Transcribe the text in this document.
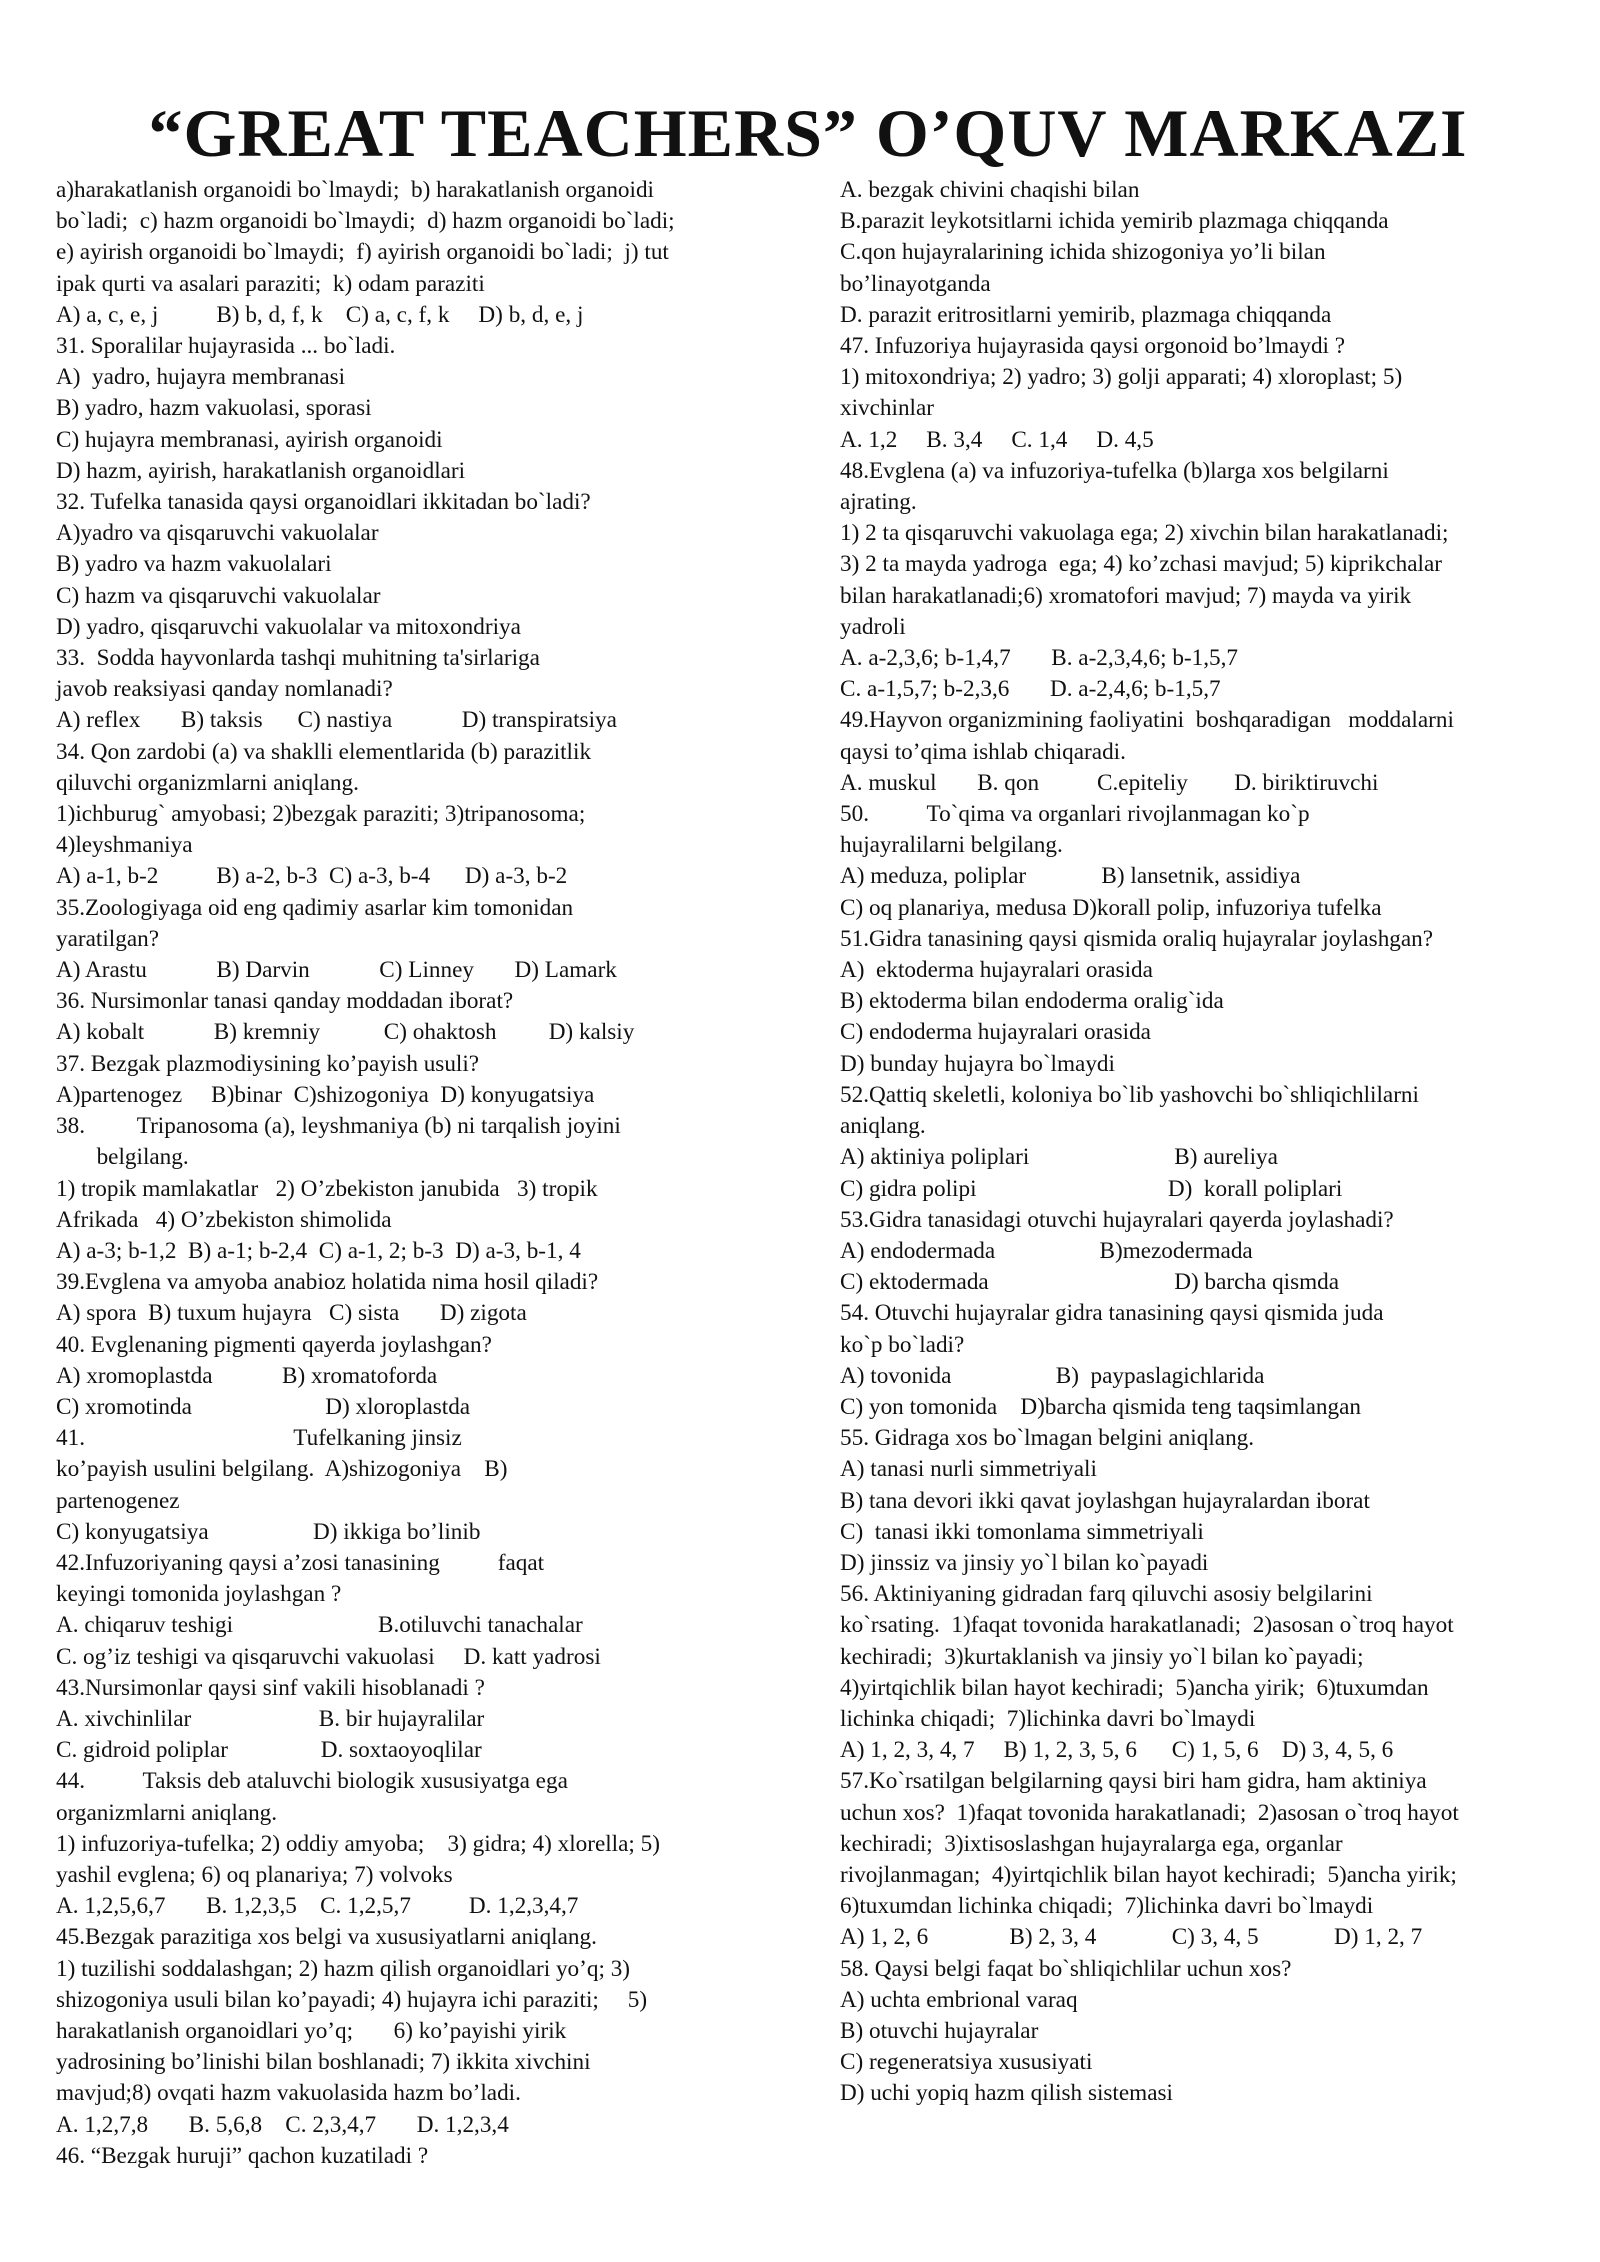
“GREAT TEACHERS” O’QUV MARKAZI
a)harakatlanish organoidi bo`lmaydi;  b) harakatlanish organoidi
bo`ladi;  c) hazm organoidi bo`lmaydi;  d) hazm organoidi bo`ladi;
e) ayirish organoidi bo`lmaydi;  f) ayirish organoidi bo`ladi;  j) tut
ipak qurti va asalari paraziti;  k) odam paraziti
A) a, c, e, j          B) b, d, f, k    C) a, c, f, k     D) b, d, e, j
31. Sporalilar hujayrasida ... bo`ladi.
A)  yadro, hujayra membranasi
B) yadro, hazm vakuolasi, sporasi
C) hujayra membranasi, ayirish organoidi
D) hazm, ayirish, harakatlanish organoidlari
32. Tufelka tanasida qaysi organoidlari ikkitadan bo`ladi?
A)yadro va qisqaruvchi vakuolalar
B) yadro va hazm vakuolalari
C) hazm va qisqaruvchi vakuolalar
D) yadro, qisqaruvchi vakuolalar va mitoxondriya
33.  Sodda hayvonlarda tashqi muhitning ta'sirlariga
javob reaksiyasi qanday nomlanadi?
A) reflex       B) taksis      C) nastiya            D) transpiratsiya
34. Qon zardobi (a) va shaklli elementlarida (b) parazitlik
qiluvchi organizmlarni aniqlang.
1)ichburug` amyobasi; 2)bezgak paraziti; 3)tripanosoma;
4)leyshmaniya
A) a-1, b-2          B) a-2, b-3  C) a-3, b-4      D) a-3, b-2
35.Zoologiyaga oid eng qadimiy asarlar kim tomonidan
yaratilgan?
A) Arastu            B) Darvin            C) Linney       D) Lamark
36. Nursimonlar tanasi qanday moddadan iborat?
A) kobalt            B) kremniy           C) ohaktosh         D) kalsiy
37. Bezgak plazmodiysining ko’payish usuli?
A)partenogez     B)binar  C)shizogoniya  D) konyugatsiya
38.         Tripanosoma (a), leyshmaniya (b) ni tarqalish joyini
belgilang.
1) tropik mamlakatlar   2) O’zbekiston janubida   3) tropik
Afrikada   4) O’zbekiston shimolida
A) a-3; b-1,2  B) a-1; b-2,4  C) a-1, 2; b-3  D) a-3, b-1, 4
39.Evglena va amyoba anabioz holatida nima hosil qiladi?
A) spora  B) tuxum hujayra   C) sista       D) zigota
40. Evglenaning pigmenti qayerda joylashgan?
A) xromoplastda            B) xromatoforda
C) xromotinda                       D) xloroplastda
41.                                    Tufelkaning jinsiz
ko’payish usulini belgilang.  A)shizogoniya    B)
partenogenez
C) konyugatsiya                  D) ikkiga bo’linib
42.Infuzoriyaning qaysi a’zosi tanasining          faqat
keyingi tomonida joylashgan ?
A. chiqaruv teshigi                         B.otiluvchi tanachalar
C. og’iz teshigi va qisqaruvchi vakuolasi     D. katt yadrosi
43.Nursimonlar qaysi sinf vakili hisoblanadi ?
A. xivchinlilar                      B. bir hujayralilar
C. gidroid poliplar                D. soxtaoyoqlilar
44.          Taksis deb ataluvchi biologik xususiyatga ega
organizmlarni aniqlang.
1) infuzoriya-tufelka; 2) oddiy amyoba;    3) gidra; 4) xlorella; 5)
yashil evglena; 6) oq planariya; 7) volvoks
A. 1,2,5,6,7       B. 1,2,3,5    C. 1,2,5,7          D. 1,2,3,4,7
45.Bezgak parazitiga xos belgi va xususiyatlarni aniqlang.
1) tuzilishi soddalashgan; 2) hazm qilish organoidlari yo’q; 3)
shizogoniya usuli bilan ko’payadi; 4) hujayra ichi paraziti;     5)
harakatlanish organoidlari yo’q;       6) ko’payishi yirik
yadrosining bo’linishi bilan boshlanadi; 7) ikkita xivchini
mavjud;8) ovqati hazm vakuolasida hazm bo’ladi.
A. 1,2,7,8       B. 5,6,8    C. 2,3,4,7       D. 1,2,3,4
46. “Bezgak huruji” qachon kuzatiladi ?
A. bezgak chivini chaqishi bilan
B.parazit leykotsitlarni ichida yemirib plazmaga chiqqanda
C.qon hujayralarining ichida shizogoniya yo’li bilan
bo’linayotganda
D. parazit eritrositlarni yemirib, plazmaga chiqqanda
47. Infuzoriya hujayrasida qaysi orgonoid bo’lmaydi ?
1) mitoxondriya; 2) yadro; 3) golji apparati; 4) xloroplast; 5)
xivchinlar
A. 1,2     B. 3,4     C. 1,4     D. 4,5
48.Evglena (a) va infuzoriya-tufelka (b)larga xos belgilarni
ajrating.
1) 2 ta qisqaruvchi vakuolaga ega; 2) xivchin bilan harakatlanadi;
3) 2 ta mayda yadroga  ega; 4) ko’zchasi mavjud; 5) kiprikchalar
bilan harakatlanadi;6) xromatofori mavjud; 7) mayda va yirik
yadroli
A. a-2,3,6; b-1,4,7       B. a-2,3,4,6; b-1,5,7
C. a-1,5,7; b-2,3,6       D. a-2,4,6; b-1,5,7
49.Hayvon organizmining faoliyatini  boshqaradigan   moddalarni
qaysi to’qima ishlab chiqaradi.
A. muskul       B. qon          C.epiteliy        D. biriktiruvchi
50.          To`qima va organlari rivojlanmagan ko`p
hujayralilarni belgilang.
A) meduza, poliplar             B) lansetnik, assidiya
C) oq planariya, medusa D)korall polip, infuzoriya tufelka
51.Gidra tanasining qaysi qismida oraliq hujayralar joylashgan?
A)  ektoderma hujayralari orasida
B) ektoderma bilan endoderma oralig`ida
C) endoderma hujayralari orasida
D) bunday hujayra bo`lmaydi
52.Qattiq skeletli, koloniya bo`lib yashovchi bo`shliqichlilarni
aniqlang.
A) aktiniya poliplari                         B) aureliya
C) gidra polipi                                 D)  korall poliplari
53.Gidra tanasidagi otuvchi hujayralari qayerda joylashadi?
A) endodermada                  B)mezodermada
C) ektodermada                                D) barcha qismda
54. Otuvchi hujayralar gidra tanasining qaysi qismida juda
ko`p bo`ladi?
A) tovonida                  B)  paypaslagichlarida
C) yon tomonida    D)barcha qismida teng taqsimlangan
55. Gidraga xos bo`lmagan belgini aniqlang.
A) tanasi nurli simmetriyali
B) tana devori ikki qavat joylashgan hujayralardan iborat
C)  tanasi ikki tomonlama simmetriyali
D) jinssiz va jinsiy yo`l bilan ko`payadi
56. Aktiniyaning gidradan farq qiluvchi asosiy belgilarini
ko`rsating.  1)faqat tovonida harakatlanadi;  2)asosan o`troq hayot
kechiradi;  3)kurtaklanish va jinsiy yo`l bilan ko`payadi;
4)yirtqichlik bilan hayot kechiradi;  5)ancha yirik;  6)tuxumdan
lichinka chiqadi;  7)lichinka davri bo`lmaydi
A) 1, 2, 3, 4, 7     B) 1, 2, 3, 5, 6      C) 1, 5, 6    D) 3, 4, 5, 6
57.Ko`rsatilgan belgilarning qaysi biri ham gidra, ham aktiniya
uchun xos?  1)faqat tovonida harakatlanadi;  2)asosan o`troq hayot
kechiradi;  3)ixtisoslashgan hujayralarga ega, organlar
rivojlanmagan;  4)yirtqichlik bilan hayot kechiradi;  5)ancha yirik;
6)tuxumdan lichinka chiqadi;  7)lichinka davri bo`lmaydi
A) 1, 2, 6              B) 2, 3, 4             C) 3, 4, 5             D) 1, 2, 7
58. Qaysi belgi faqat bo`shliqichlilar uchun xos?
A) uchta embrional varaq
B) otuvchi hujayralar
C) regeneratsiya xususiyati
D) uchi yopiq hazm qilish sistemasi
